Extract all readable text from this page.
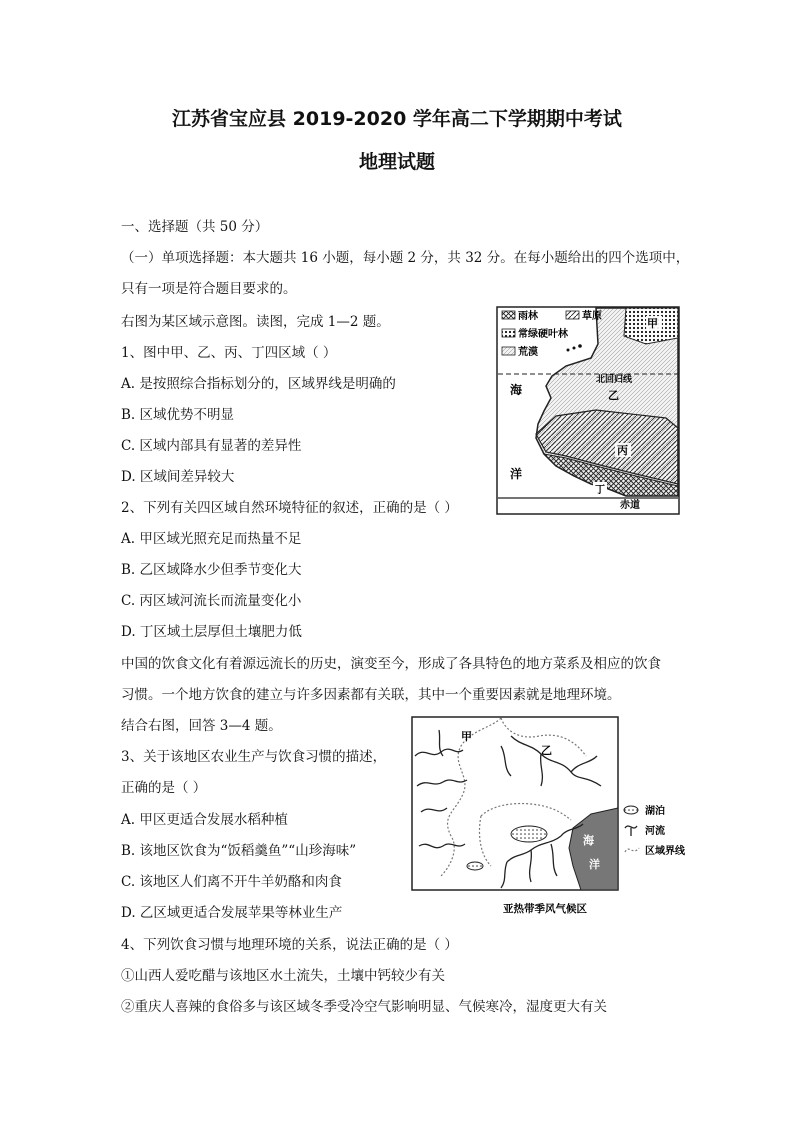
江苏省宝应县 2019-2020 学年高二下学期期中考试
地理试题
一、选择题（共 50 分）
（一）单项选择题：本大题共 16 小题，每小题 2 分，共 32 分。在每小题给出的四个选项中，
只有一项是符合题目要求的。
右图为某区域示意图。读图，完成 1—2 题。
1、图中甲、乙、丙、丁四区域（ ）
A. 是按照综合指标划分的，区域界线是明确的
B. 区域优势不明显
C. 区域内部具有显著的差异性
D. 区域间差异较大
2、下列有关四区域自然环境特征的叙述，正确的是（ ）
A. 甲区域光照充足而热量不足
B. 乙区域降水少但季节变化大
C. 丙区域河流长而流量变化小
D. 丁区域土层厚但土壤肥力低
中国的饮食文化有着源远流长的历史，演变至今，形成了各具特色的地方菜系及相应的饮食
习惯。一个地方饮食的建立与许多因素都有关联，其中一个重要因素就是地理环境。
结合右图，回答 3—4 题。
3、关于该地区农业生产与饮食习惯的描述，
正确的是（ ）
A. 甲区更适合发展水稻种植
B. 该地区饮食为“饭稻羹鱼”“山珍海味”
C. 该地区人们离不开牛羊奶酪和肉食
D. 乙区域更适合发展苹果等林业生产
4、下列饮食习惯与地理环境的关系，说法正确的是（ ）
①山西人爱吃醋与该地区水土流失，土壤中钙较少有关
②重庆人喜辣的食俗多与该区域冬季受冷空气影响明显、气候寒冷，湿度更大有关
雨林	草原
常绿硬叶林
荒漠
甲
乙
丙
丁
北回归线
海
洋
赤道
甲
乙
海
洋
湖泊
河流
区域界线
亚热带季风气候区
